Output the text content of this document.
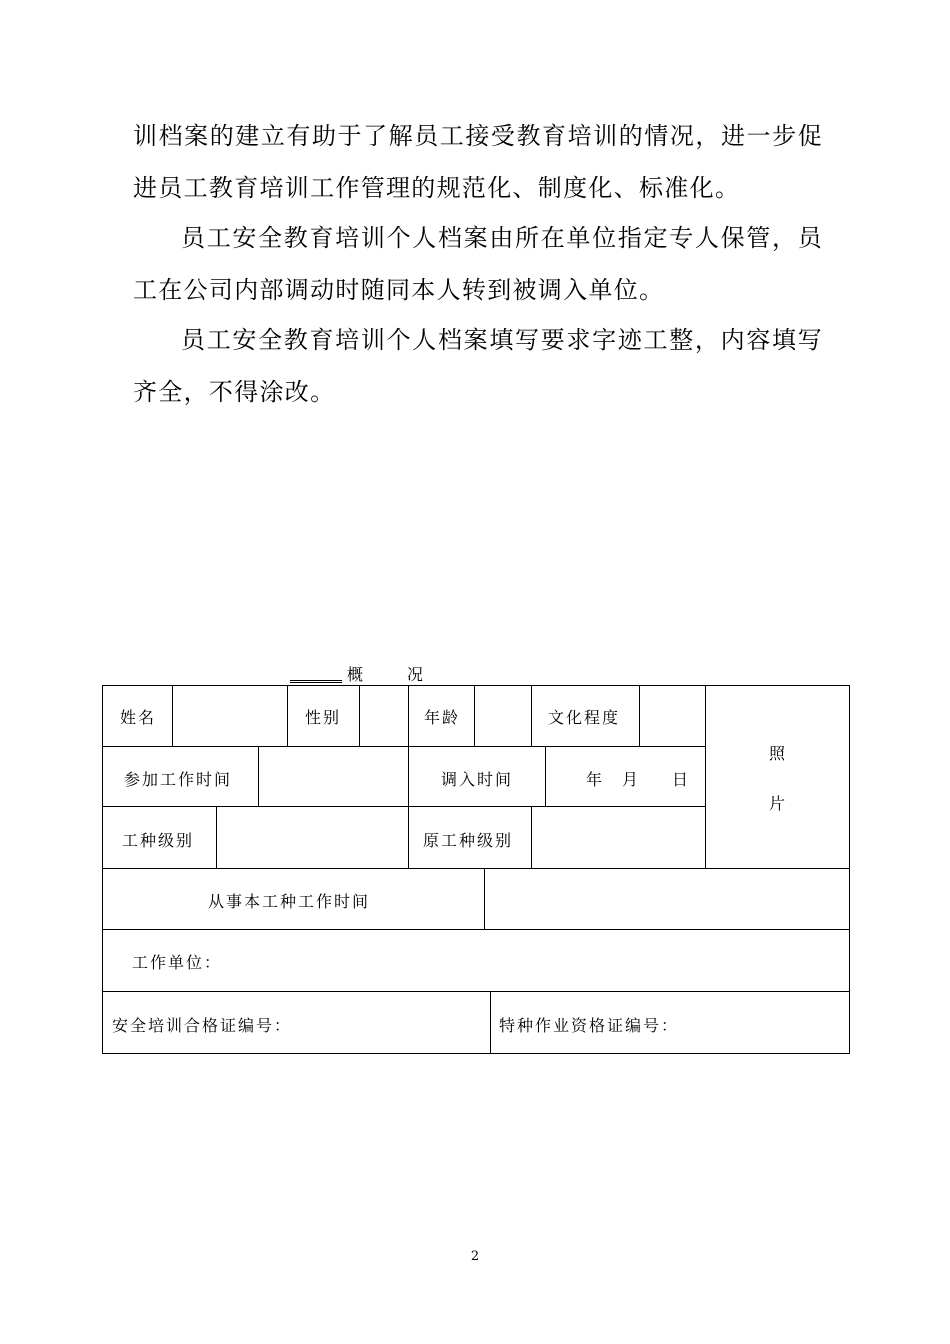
训档案的建立有助于了解员工接受教育培训的情况，进一步促进员工教育培训工作管理的规范化、制度化、标准化。

员工安全教育培训个人档案由所在单位指定专人保管，员工在公司内部调动时随同本人转到被调入单位。

员工安全教育培训个人档案填写要求字迹工整，内容填写齐全，不得涂改。

概况
姓名	性别	年龄	文化程度
照
片
参加工作时间	调入时间	年 月 日
工种级别	原工种级别
从事本工种工作时间
工作单位：
安全培训合格证编号：	特种作业资格证编号：
2
